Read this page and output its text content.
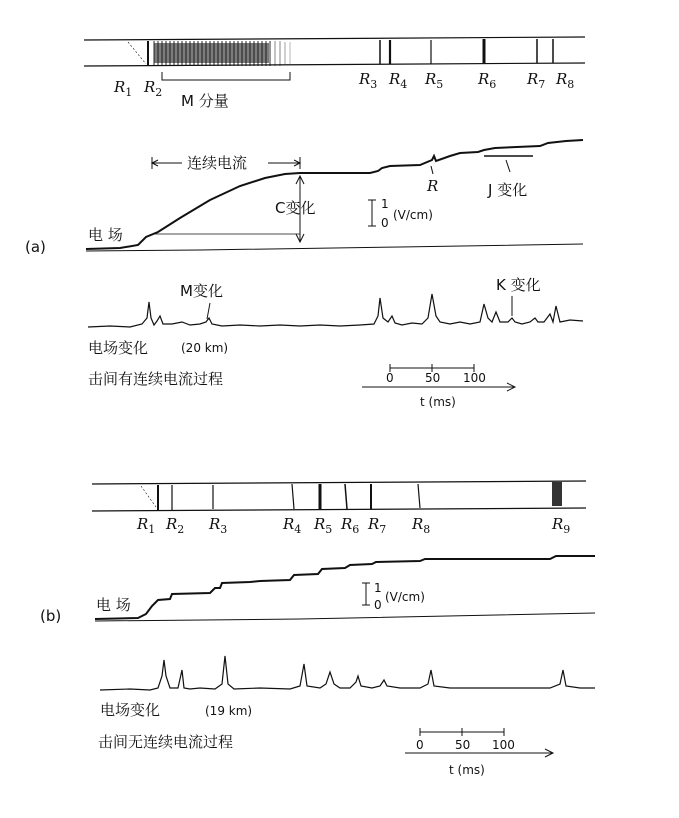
$R_1$ $R_2$
$R_3$ $R_4$ $R_5$ $R_6$ $R_7$ $R_8$
M 分量
连续电流
C变化
R	J 变化
1
0
(V/cm)
(a)
电 场
M变化	K 变化
电场变化	(20 km)
击间有连续电流过程	0	50 100
t (ms)
$R_1$ $R_2$ $R_3$	$R_4$ $R_5$ $R_6$ $R_7$ $R_8$	$R_9$
1
0
(V/cm)
(b)
电 场
电场变化	(19 km)
击间无连续电流过程	0	50 100
t (ms)
